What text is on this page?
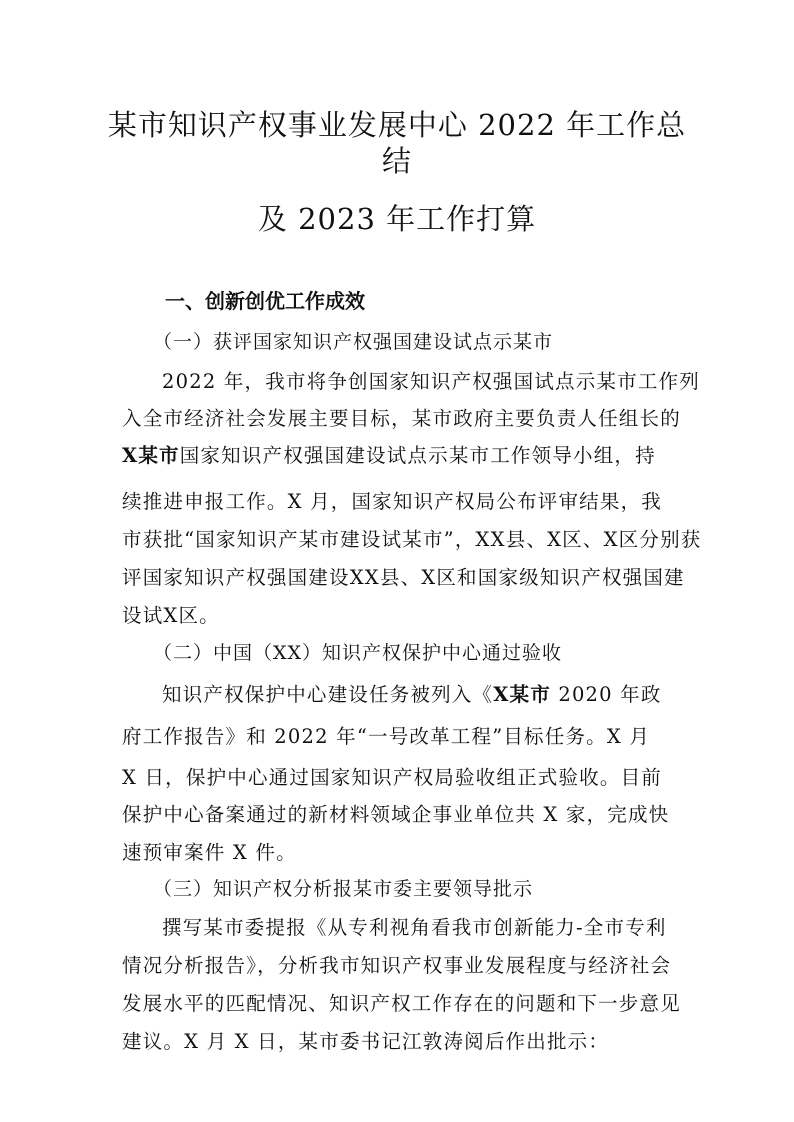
某市知识产权事业发展中心 2022 年工作总
结
及 2023 年工作打算
一、创新创优工作成效
（一）获评国家知识产权强国建设试点示某市
2022 年，我市将争创国家知识产权强国试点示某市工作列
入全市经济社会发展主要目标，某市政府主要负责人任组长的
X某市国家知识产权强国建设试点示某市工作领导小组，持
续推进申报工作。X 月，国家知识产权局公布评审结果，我
市获批“国家知识产某市建设试某市”，XX县、X区、X区分别获
评国家知识产权强国建设XX县、X区和国家级知识产权强国建
设试X区。
（二）中国（XX）知识产权保护中心通过验收
知识产权保护中心建设任务被列入《X某市 2020 年政
府工作报告》和 2022 年“一号改革工程”目标任务。X 月
X 日，保护中心通过国家知识产权局验收组正式验收。目前
保护中心备案通过的新材料领域企事业单位共 X 家，完成快
速预审案件 X 件。
（三）知识产权分析报某市委主要领导批示
撰写某市委提报《从专利视角看我市创新能力-全市专利
情况分析报告》，分析我市知识产权事业发展程度与经济社会
发展水平的匹配情况、知识产权工作存在的问题和下一步意见
建议。X 月 X 日，某市委书记江敦涛阅后作出批示：
